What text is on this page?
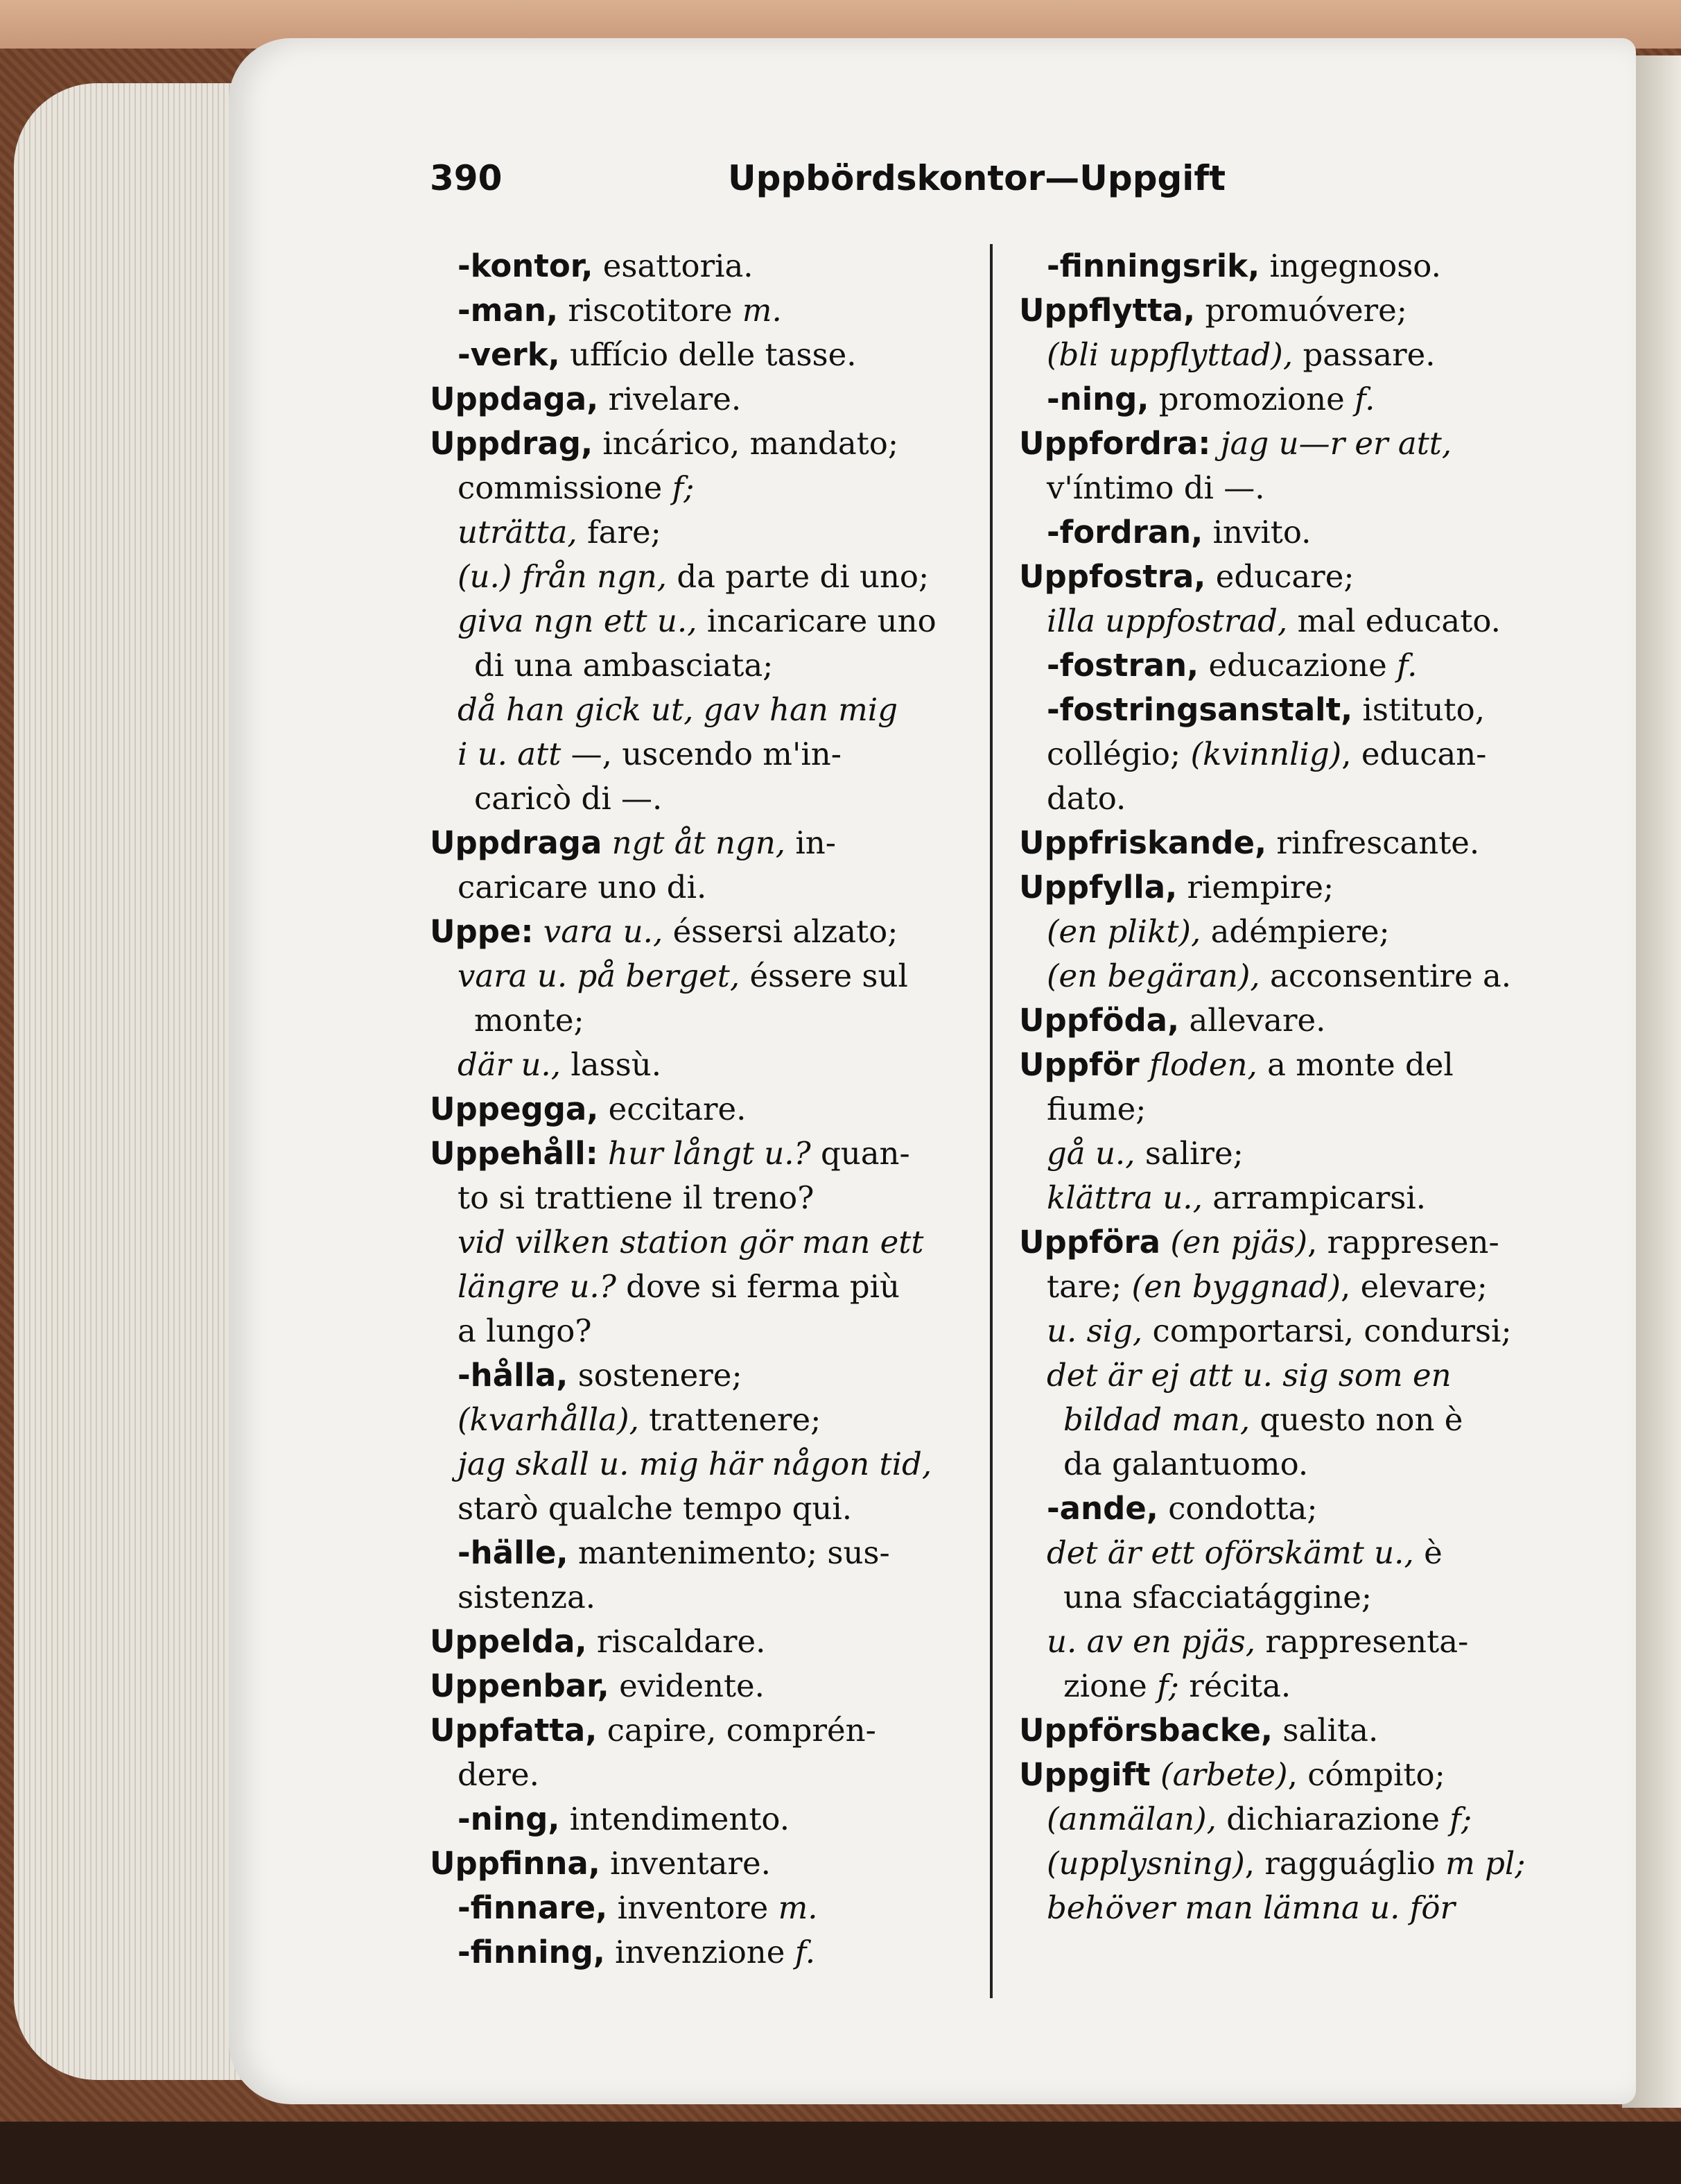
390	Uppbördskontor—Uppgift
-kontor, esattoria.
-man, riscotitore m.
-verk, uffício delle tasse.
Uppdaga, rivelare.
Uppdrag, incárico, mandato;
commissione f;
uträtta, fare;
(u.) från ngn, da parte di uno;
giva ngn ett u., incaricare uno
di una ambasciata;
då han gick ut, gav han mig
i u. att —, uscendo m'in-
caricò di —.
Uppdraga ngt åt ngn, in-
caricare uno di.
Uppe: vara u., éssersi alzato;
vara u. på berget, éssere sul
monte;
där u., lassù.
Uppegga, eccitare.
Uppehåll: hur långt u.? quan-
to si trattiene il treno?
vid vilken station gör man ett
längre u.? dove si ferma più
a lungo?
-hålla, sostenere;
(kvarhålla), trattenere;
jag skall u. mig här någon tid,
starò qualche tempo qui.
-hälle, mantenimento; sus-
sistenza.
Uppelda, riscaldare.
Uppenbar, evidente.
Uppfatta, capire, comprén-
dere.
-ning, intendimento.
Uppfinna, inventare.
-finnare, inventore m.
-finning, invenzione f.
-finningsrik, ingegnoso.
Uppflytta, promuóvere;
(bli uppflyttad), passare.
-ning, promozione f.
Uppfordra: jag u—r er att,
v'íntimo di —.
-fordran, invito.
Uppfostra, educare;
illa uppfostrad, mal educato.
-fostran, educazione f.
-fostringsanstalt, istituto,
collégio; (kvinnlig), educan-
dato.
Uppfriskande, rinfrescante.
Uppfylla, riempire;
(en plikt), adémpiere;
(en begäran), acconsentire a.
Uppföda, allevare.
Uppför floden, a monte del
fiume;
gå u., salire;
klättra u., arrampicarsi.
Uppföra (en pjäs), rappresen-
tare; (en byggnad), elevare;
u. sig, comportarsi, condursi;
det är ej att u. sig som en
bildad man, questo non è
da galantuomo.
-ande, condotta;
det är ett oförskämt u., è
una sfacciatággine;
u. av en pjäs, rappresenta-
zione f; récita.
Uppförsbacke, salita.
Uppgift (arbete), cómpito;
(anmälan), dichiarazione f;
(upplysning), ragguáglio m pl;
behöver man lämna u. för
